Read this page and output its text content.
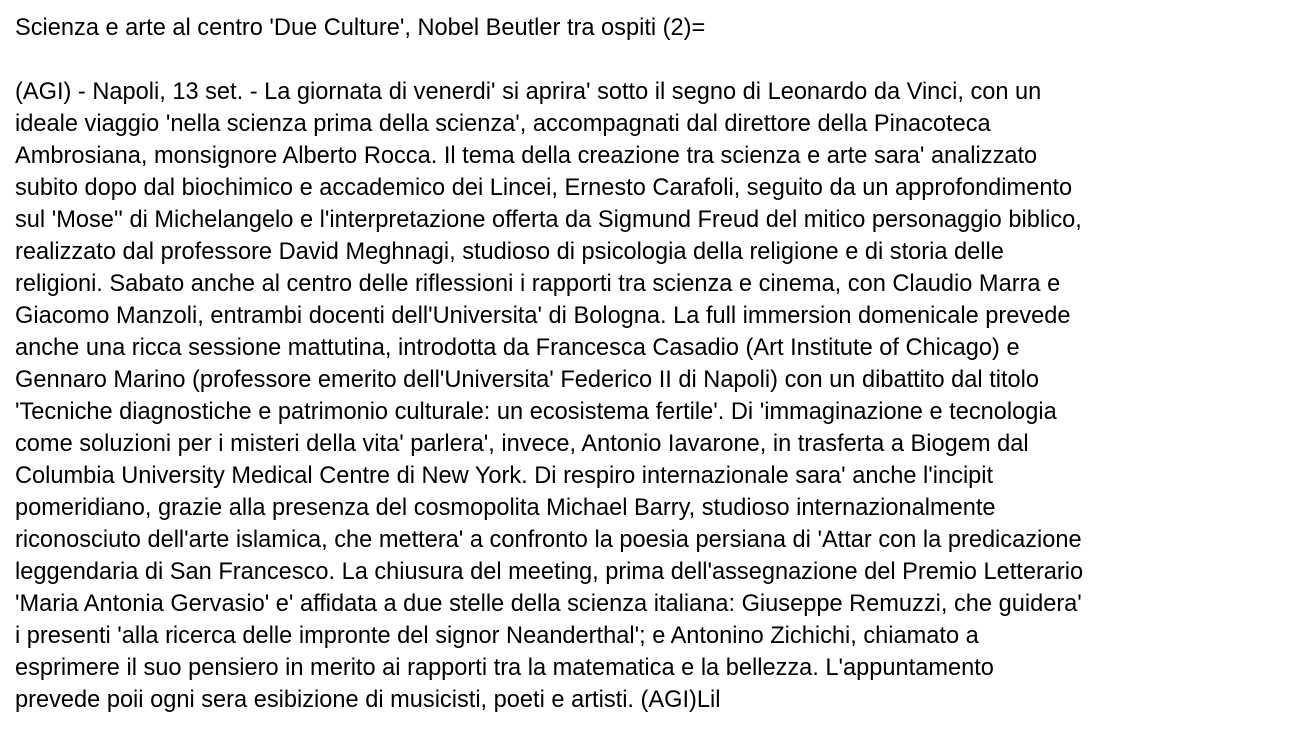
Scienza e arte al centro 'Due Culture', Nobel Beutler tra ospiti (2)=
(AGI) - Napoli, 13 set. - La giornata di venerdi' si aprira' sotto il segno di Leonardo da Vinci, con un
ideale viaggio 'nella scienza prima della scienza', accompagnati dal direttore della Pinacoteca
Ambrosiana, monsignore Alberto Rocca. Il tema della creazione tra scienza e arte sara' analizzato
subito dopo dal biochimico e accademico dei Lincei, Ernesto Carafoli, seguito da un approfondimento
sul 'Mose'' di Michelangelo e l'interpretazione offerta da Sigmund Freud del mitico personaggio biblico,
realizzato dal professore David Meghnagi, studioso di psicologia della religione e di storia delle
religioni. Sabato anche al centro delle riflessioni i rapporti tra scienza e cinema, con Claudio Marra e
Giacomo Manzoli, entrambi docenti dell'Universita' di Bologna. La full immersion domenicale prevede
anche una ricca sessione mattutina, introdotta da Francesca Casadio (Art Institute of Chicago) e
Gennaro Marino (professore emerito dell'Universita' Federico II di Napoli) con un dibattito dal titolo
'Tecniche diagnostiche e patrimonio culturale: un ecosistema fertile'. Di 'immaginazione e tecnologia
come soluzioni per i misteri della vita' parlera', invece, Antonio Iavarone, in trasferta a Biogem dal
Columbia University Medical Centre di New York. Di respiro internazionale sara' anche l'incipit
pomeridiano, grazie alla presenza del cosmopolita Michael Barry, studioso internazionalmente
riconosciuto dell'arte islamica, che mettera' a confronto la poesia persiana di 'Attar con la predicazione
leggendaria di San Francesco. La chiusura del meeting, prima dell'assegnazione del Premio Letterario
'Maria Antonia Gervasio' e' affidata a due stelle della scienza italiana: Giuseppe Remuzzi, che guidera'
i presenti 'alla ricerca delle impronte del signor Neanderthal'; e Antonino Zichichi, chiamato a
esprimere il suo pensiero in merito ai rapporti tra la matematica e la bellezza. L'appuntamento
prevede poii ogni sera esibizione di musicisti, poeti e artisti. (AGI)Lil
